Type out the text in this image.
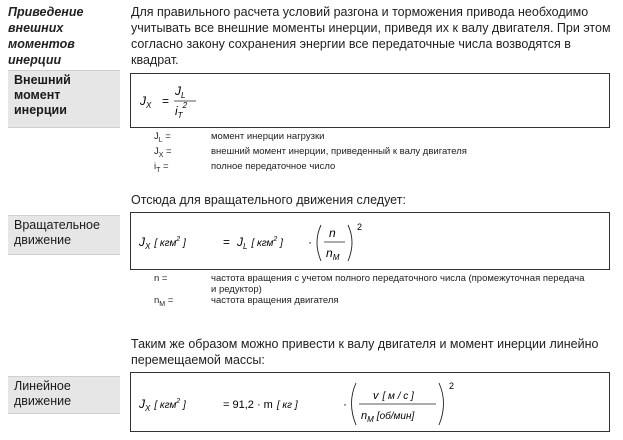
Приведение
внешних
моментов
инерции
Для правильного расчета условий разгона и торможения привода необходимо учитывать все внешние моменты инерции, приведя их к валу двигателя. При этом согласно закону сохранения энергии все передаточные числа возводятся в квадрат.
Внешний
момент
инерции
$J_X$ =
$J_L$
$i_T^2$
$J_L$ =	момент инерции нагрузки
$J_X$ =	внешний момент инерции, приведенный к валу двигателя
$i_T$ =	полное передаточное число
Отсюда для вращательного движения следует:
Вращательное
движение	$J_X$ $^{[ кгм2}$ $_]$	= $J_L$ $^{[ кгм2}$ $_]$ ·
n
$n_M$
2
n =	частота вращения с учетом полного передаточного числа (промежуточная передача
и редуктор)
$n_M$ =	частота вращения двигателя
Таким же образом можно привести к валу двигателя и момент инерции линейно перемещаемой массы:
Линейное
движение	$J_X$ $^{[ кгм2}$ $_]$	= 91,2 · m [ кг ]	·
v [ м / с ]
$n_M$ [об/мин]
2
